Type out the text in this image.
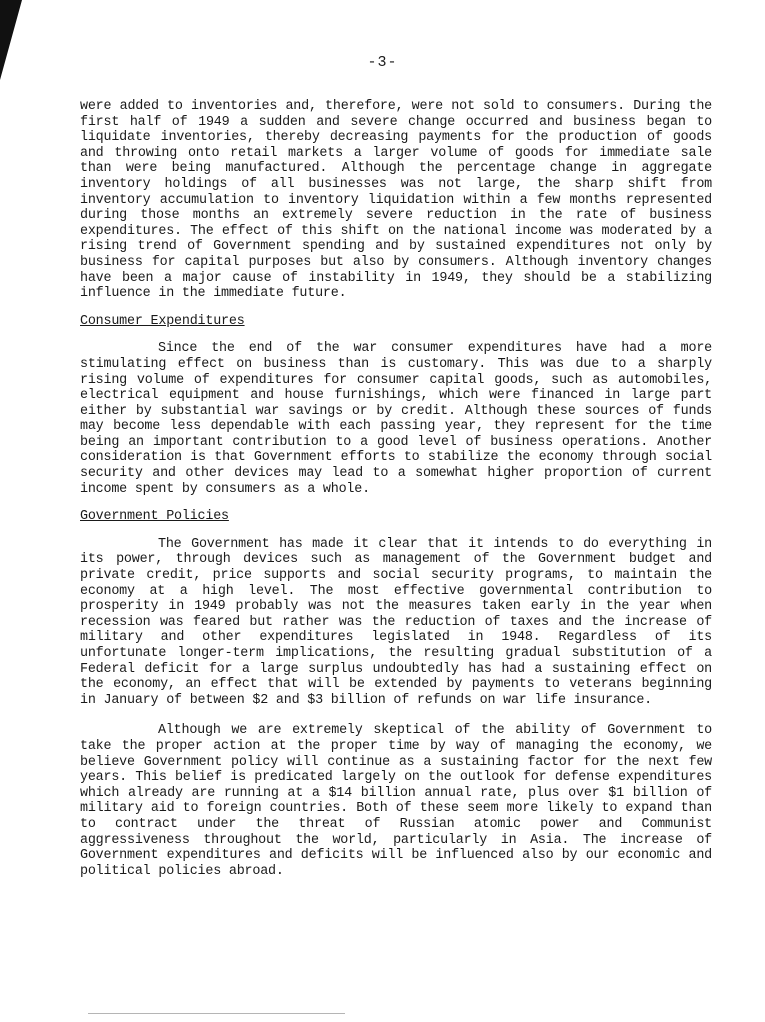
-3-

were added to inventories and, therefore, were not sold to consumers. During the first half of 1949 a sudden and severe change occurred and business began to liquidate inventories, thereby decreasing payments for the production of goods and throwing onto retail markets a larger volume of goods for immediate sale than were being manufactured. Although the percentage change in aggregate inventory holdings of all businesses was not large, the sharp shift from inventory accumulation to inventory liquidation within a few months represented during those months an extremely severe reduction in the rate of business expenditures. The effect of this shift on the national income was moderated by a rising trend of Government spending and by sustained expenditures not only by business for capital purposes but also by consumers. Although inventory changes have been a major cause of instability in 1949, they should be a stabilizing influence in the immediate future.

Consumer Expenditures

Since the end of the war consumer expenditures have had a more stimulating effect on business than is customary. This was due to a sharply rising volume of expenditures for consumer capital goods, such as automobiles, electrical equipment and house furnishings, which were financed in large part either by substantial war savings or by credit. Although these sources of funds may become less dependable with each passing year, they represent for the time being an important contribution to a good level of business operations. Another consideration is that Government efforts to stabilize the economy through social security and other devices may lead to a somewhat higher proportion of current income spent by consumers as a whole.

Government Policies

The Government has made it clear that it intends to do everything in its power, through devices such as management of the Government budget and private credit, price supports and social security programs, to maintain the economy at a high level. The most effective governmental contribution to prosperity in 1949 probably was not the measures taken early in the year when recession was feared but rather was the reduction of taxes and the increase of military and other expenditures legislated in 1948. Regardless of its unfortunate longer-term implications, the resulting gradual substitution of a Federal deficit for a large surplus undoubtedly has had a sustaining effect on the economy, an effect that will be extended by payments to veterans beginning in January of between $2 and $3 billion of refunds on war life insurance.

Although we are extremely skeptical of the ability of Government to take the proper action at the proper time by way of managing the economy, we believe Government policy will continue as a sustaining factor for the next few years. This belief is predicated largely on the outlook for defense expenditures which already are running at a $14 billion annual rate, plus over $1 billion of military aid to foreign countries. Both of these seem more likely to expand than to contract under the threat of Russian atomic power and Communist aggressiveness throughout the world, particularly in Asia. The increase of Government expenditures and deficits will be influenced also by our economic and political policies abroad.
